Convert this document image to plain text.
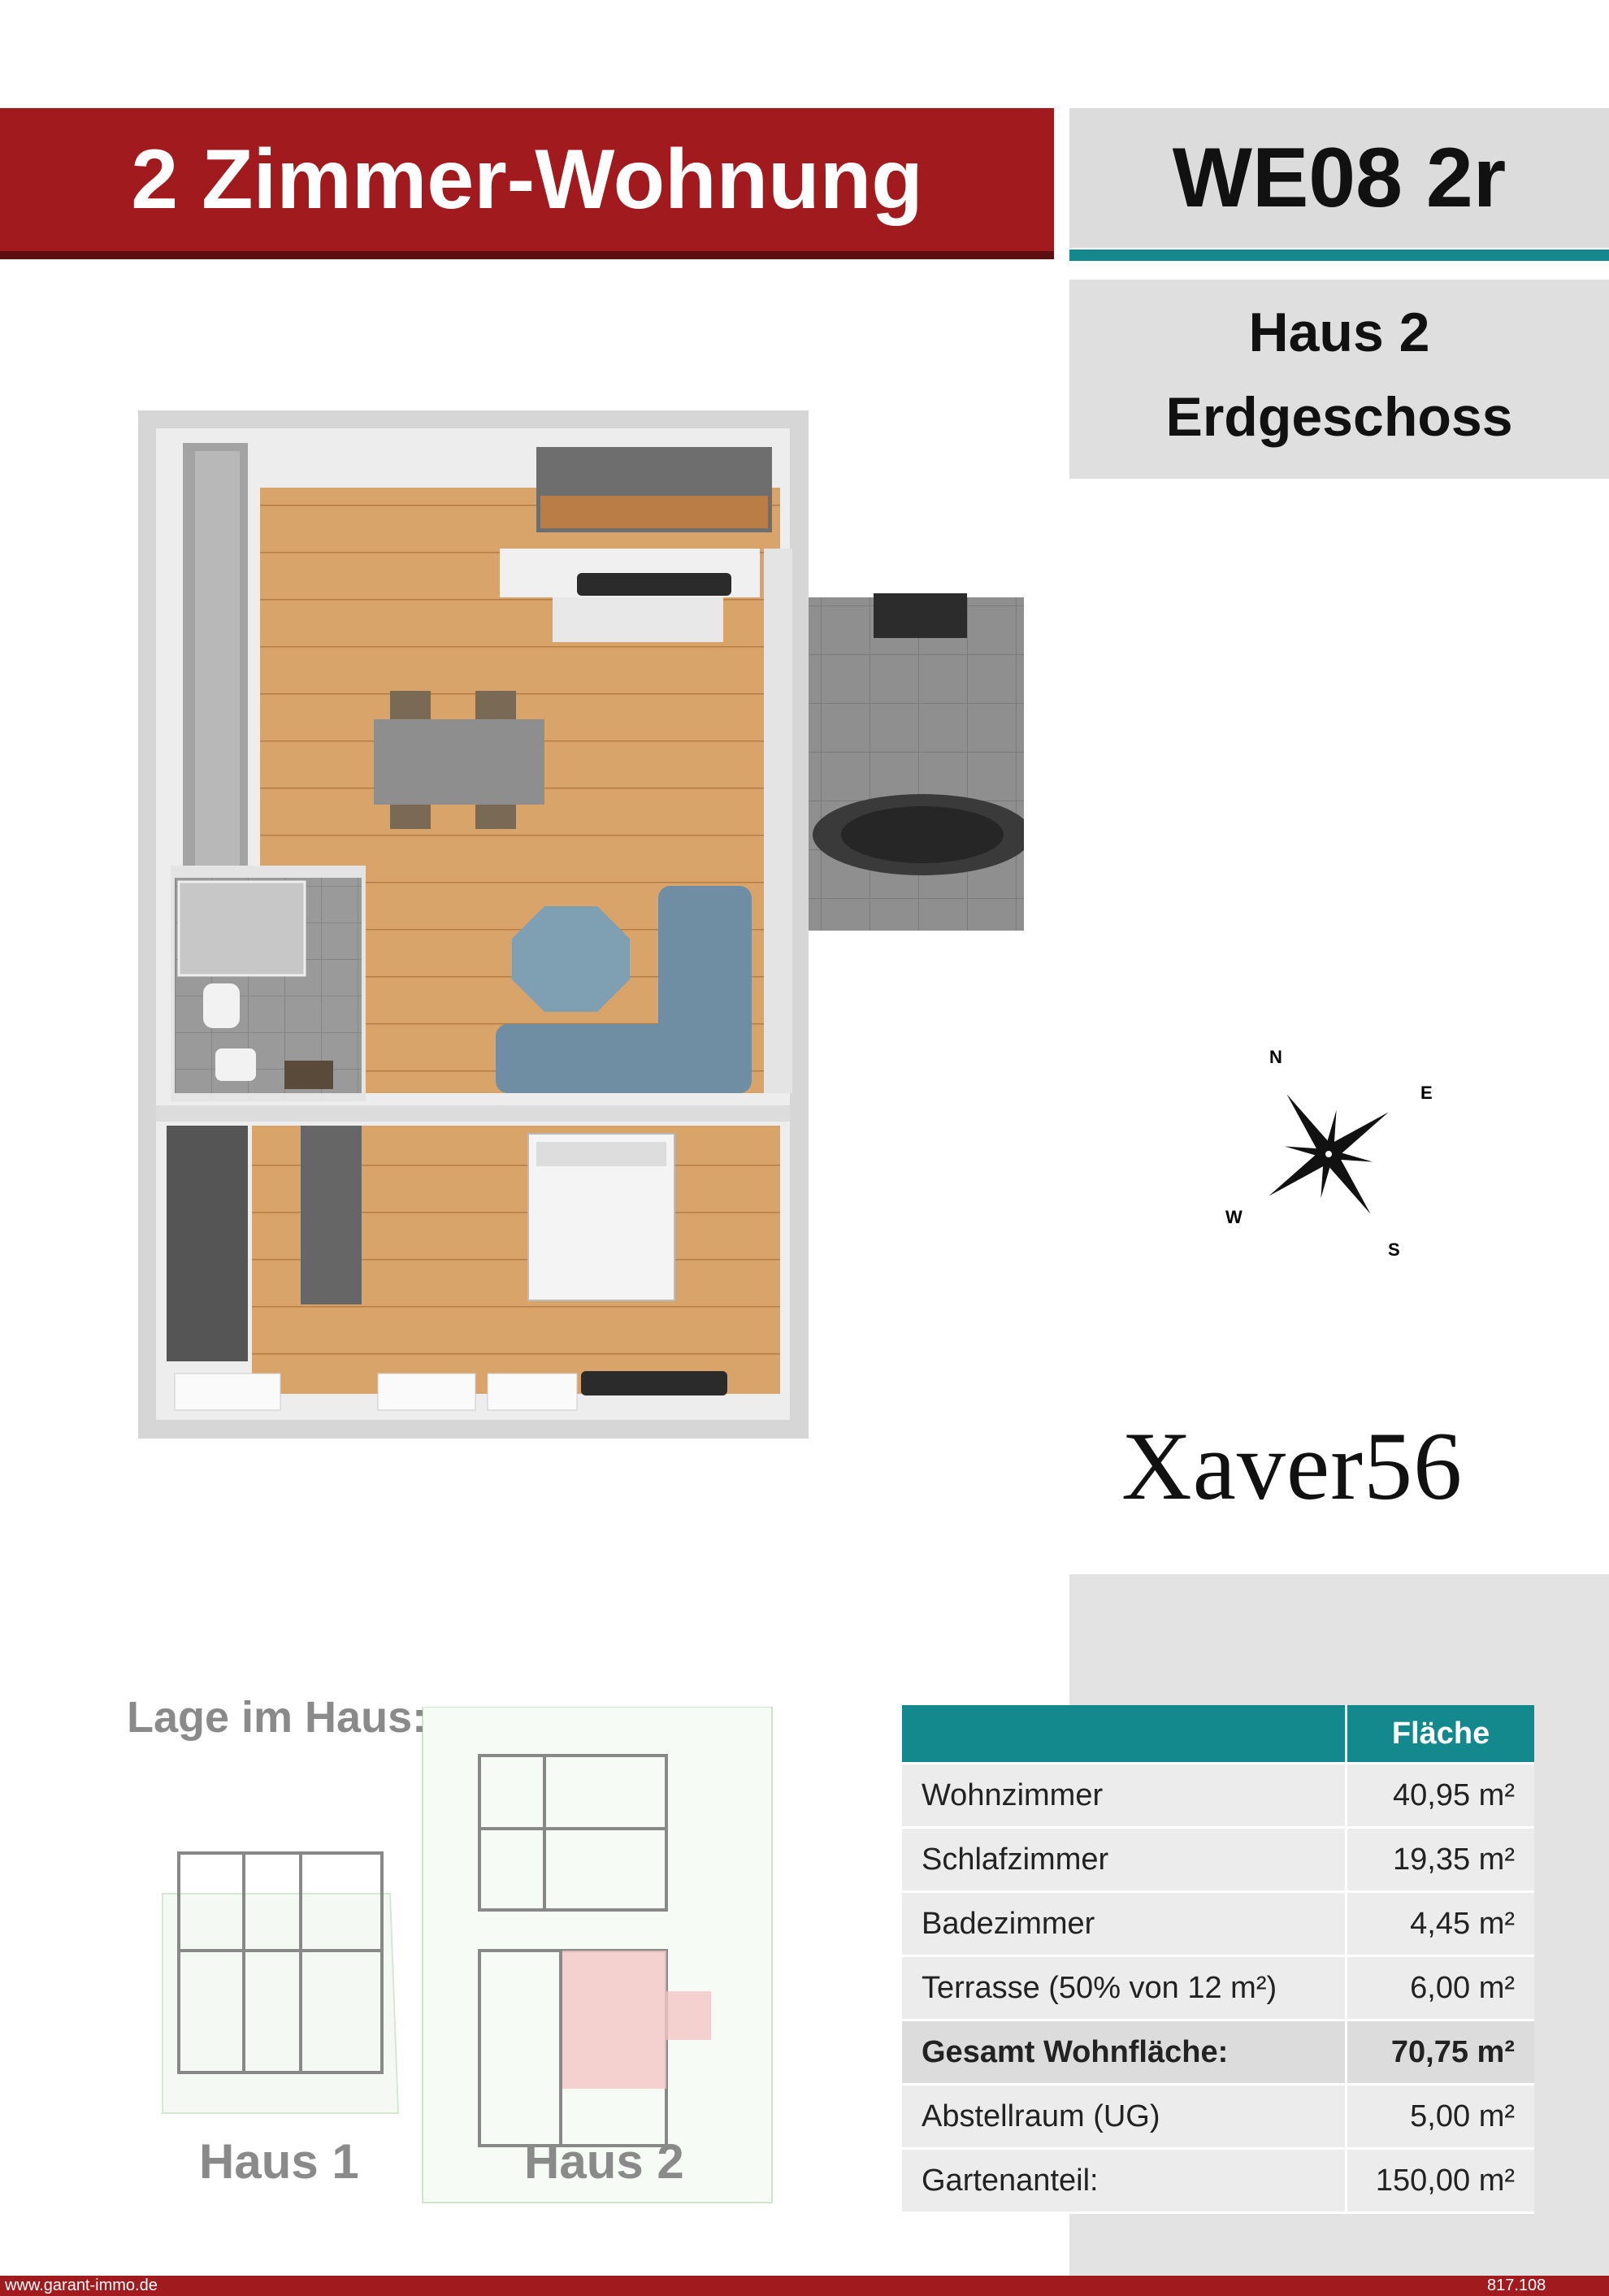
2 Zimmer-Wohnung	WE08 2r
Haus 2
Erdgeschoss
N
E
S
W
Xaver56
Lage im Haus:
Haus 1	Haus 2
	Fläche
Wohnzimmer	40,95 m²
Schlafzimmer	19,35 m²
Badezimmer	4,45 m²
Terrasse (50% von 12 m²)	6,00 m²
Gesamt Wohnfläche:	70,75 m²
Abstellraum (UG)	5,00 m²
Gartenanteil:	150,00 m²
www.garant-immo.de	817.108
